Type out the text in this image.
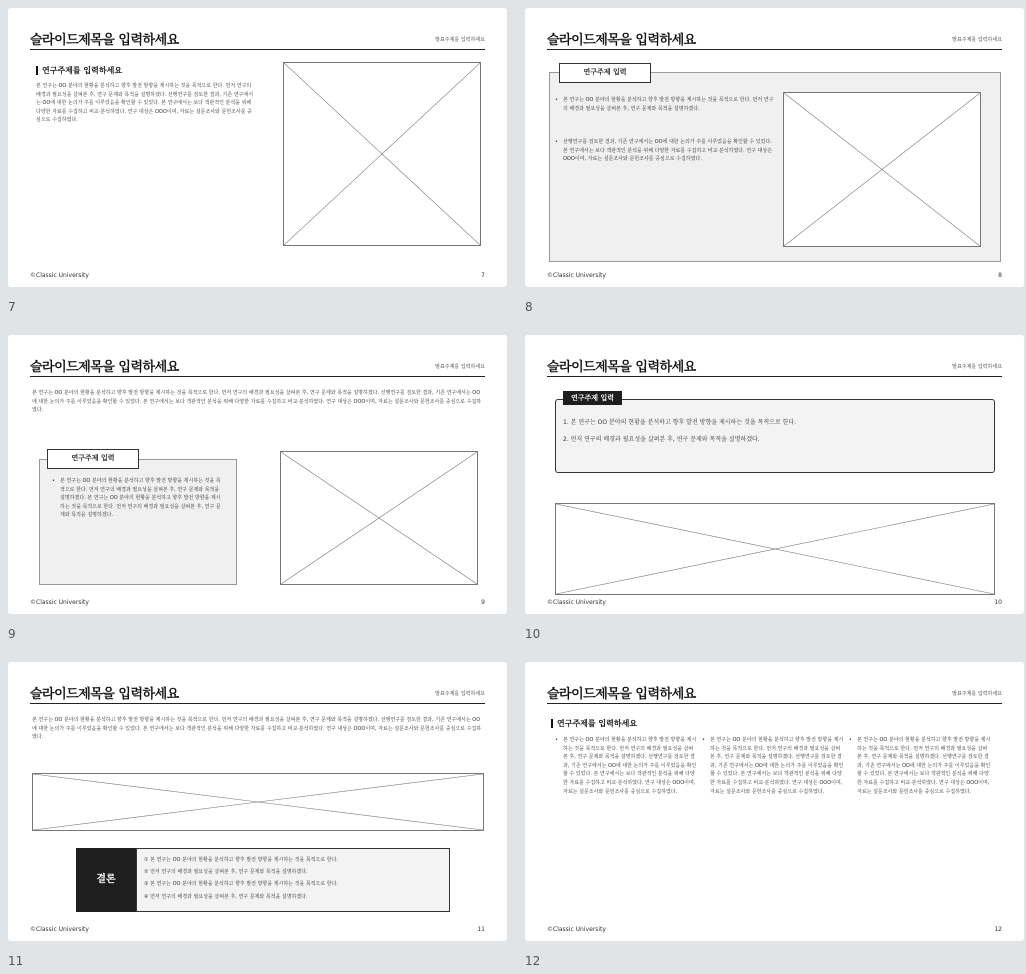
슬라이드제목을 입력하세요	발표주제를 입력하세요
연구주제를 입력하세요
본 연구는 OO 분야의 현황을 분석하고 향후 발전 방향을 제시하는 것을 목적으로 한다. 먼저 연구의 배경과 필요성을 살펴본 후, 연구 문제와 목적을 설명하겠다. 선행연구를 검토한 결과, 기존 연구에서는 OO에 대한 논의가 주를 이루었음을 확인할 수 있었다. 본 연구에서는 보다 객관적인 분석을 위해 다양한 자료를 수집하고 비교·분석하였다. 연구 대상은 OOO이며, 자료는 설문조사와 문헌조사를 중심으로 수집하였다.
©Classic University	7
7
슬라이드제목을 입력하세요	발표주제를 입력하세요
연구주제 입력
• 본 연구는 OO 분야의 현황을 분석하고 향후 발전 방향을 제시하는 것을 목적으로 한다. 먼저 연구의 배경과 필요성을 살펴본 후, 연구 문제와 목적을 설명하겠다.
• 선행연구를 검토한 결과, 기존 연구에서는 OO에 대한 논의가 주를 이루었음을 확인할 수 있었다. 본 연구에서는 보다 객관적인 분석을 위해 다양한 자료를 수집하고 비교·분석하였다. 연구 대상은 OOO이며, 자료는 설문조사와 문헌조사를 중심으로 수집하였다.
©Classic University	8
8
슬라이드제목을 입력하세요	발표주제를 입력하세요
본 연구는 OO 분야의 현황을 분석하고 향후 발전 방향을 제시하는 것을 목적으로 한다. 먼저 연구의 배경과 필요성을 살펴본 후, 연구 문제와 목적을 설명하겠다. 선행연구를 검토한 결과, 기존 연구에서는 OO에 대한 논의가 주를 이루었음을 확인할 수 있었다. 본 연구에서는 보다 객관적인 분석을 위해 다양한 자료를 수집하고 비교·분석하였다. 연구 대상은 OOO이며, 자료는 설문조사와 문헌조사를 중심으로 수집하였다.
연구주제 입력
• 본 연구는 OO 분야의 현황을 분석하고 향후 발전 방향을 제시하는 것을 목적으로 한다. 먼저 연구의 배경과 필요성을 살펴본 후, 연구 문제와 목적을 설명하겠다. 본 연구는 OO 분야의 현황을 분석하고 향후 발전 방향을 제시하는 것을 목적으로 한다. 먼저 연구의 배경과 필요성을 살펴본 후, 연구 문제와 목적을 설명하겠다.
©Classic University	9
9
슬라이드제목을 입력하세요	발표주제를 입력하세요
연구주제 입력
1. 본 연구는 OO 분야의 현황을 분석하고 향후 발전 방향을 제시하는 것을 목적으로 한다.
2. 먼저 연구의 배경과 필요성을 살펴본 후, 연구 문제와 목적을 설명하겠다.
©Classic University	10
10
슬라이드제목을 입력하세요	발표주제를 입력하세요
본 연구는 OO 분야의 현황을 분석하고 향후 발전 방향을 제시하는 것을 목적으로 한다. 먼저 연구의 배경과 필요성을 살펴본 후, 연구 문제와 목적을 설명하겠다. 선행연구를 검토한 결과, 기존 연구에서는 OO에 대한 논의가 주를 이루었음을 확인할 수 있었다. 본 연구에서는 보다 객관적인 분석을 위해 다양한 자료를 수집하고 비교·분석하였다. 연구 대상은 OOO이며, 자료는 설문조사와 문헌조사를 중심으로 수집하였다.
결론
① 본 연구는 OO 분야의 현황을 분석하고 향후 발전 방향을 제시하는 것을 목적으로 한다.
② 먼저 연구의 배경과 필요성을 살펴본 후, 연구 문제와 목적을 설명하겠다.
③ 본 연구는 OO 분야의 현황을 분석하고 향후 발전 방향을 제시하는 것을 목적으로 한다.
④ 먼저 연구의 배경과 필요성을 살펴본 후, 연구 문제와 목적을 설명하겠다.
©Classic University	11
11
슬라이드제목을 입력하세요	발표주제를 입력하세요
연구주제를 입력하세요
• 본 연구는 OO 분야의 현황을 분석하고 향후 발전 방향을 제시하는 것을 목적으로 한다. 먼저 연구의 배경과 필요성을 살펴본 후, 연구 문제와 목적을 설명하겠다. 선행연구를 검토한 결과, 기존 연구에서는 OO에 대한 논의가 주를 이루었음을 확인할 수 있었다. 본 연구에서는 보다 객관적인 분석을 위해 다양한 자료를 수집하고 비교·분석하였다. 연구 대상은 OOO이며, 자료는 설문조사와 문헌조사를 중심으로 수집하였다.
• 본 연구는 OO 분야의 현황을 분석하고 향후 발전 방향을 제시하는 것을 목적으로 한다. 먼저 연구의 배경과 필요성을 살펴본 후, 연구 문제와 목적을 설명하겠다. 선행연구를 검토한 결과, 기존 연구에서는 OO에 대한 논의가 주를 이루었음을 확인할 수 있었다. 본 연구에서는 보다 객관적인 분석을 위해 다양한 자료를 수집하고 비교·분석하였다. 연구 대상은 OOO이며, 자료는 설문조사와 문헌조사를 중심으로 수집하였다.
• 본 연구는 OO 분야의 현황을 분석하고 향후 발전 방향을 제시하는 것을 목적으로 한다. 먼저 연구의 배경과 필요성을 살펴본 후, 연구 문제와 목적을 설명하겠다. 선행연구를 검토한 결과, 기존 연구에서는 OO에 대한 논의가 주를 이루었음을 확인할 수 있었다. 본 연구에서는 보다 객관적인 분석을 위해 다양한 자료를 수집하고 비교·분석하였다. 연구 대상은 OOO이며, 자료는 설문조사와 문헌조사를 중심으로 수집하였다.
©Classic University	12
12
